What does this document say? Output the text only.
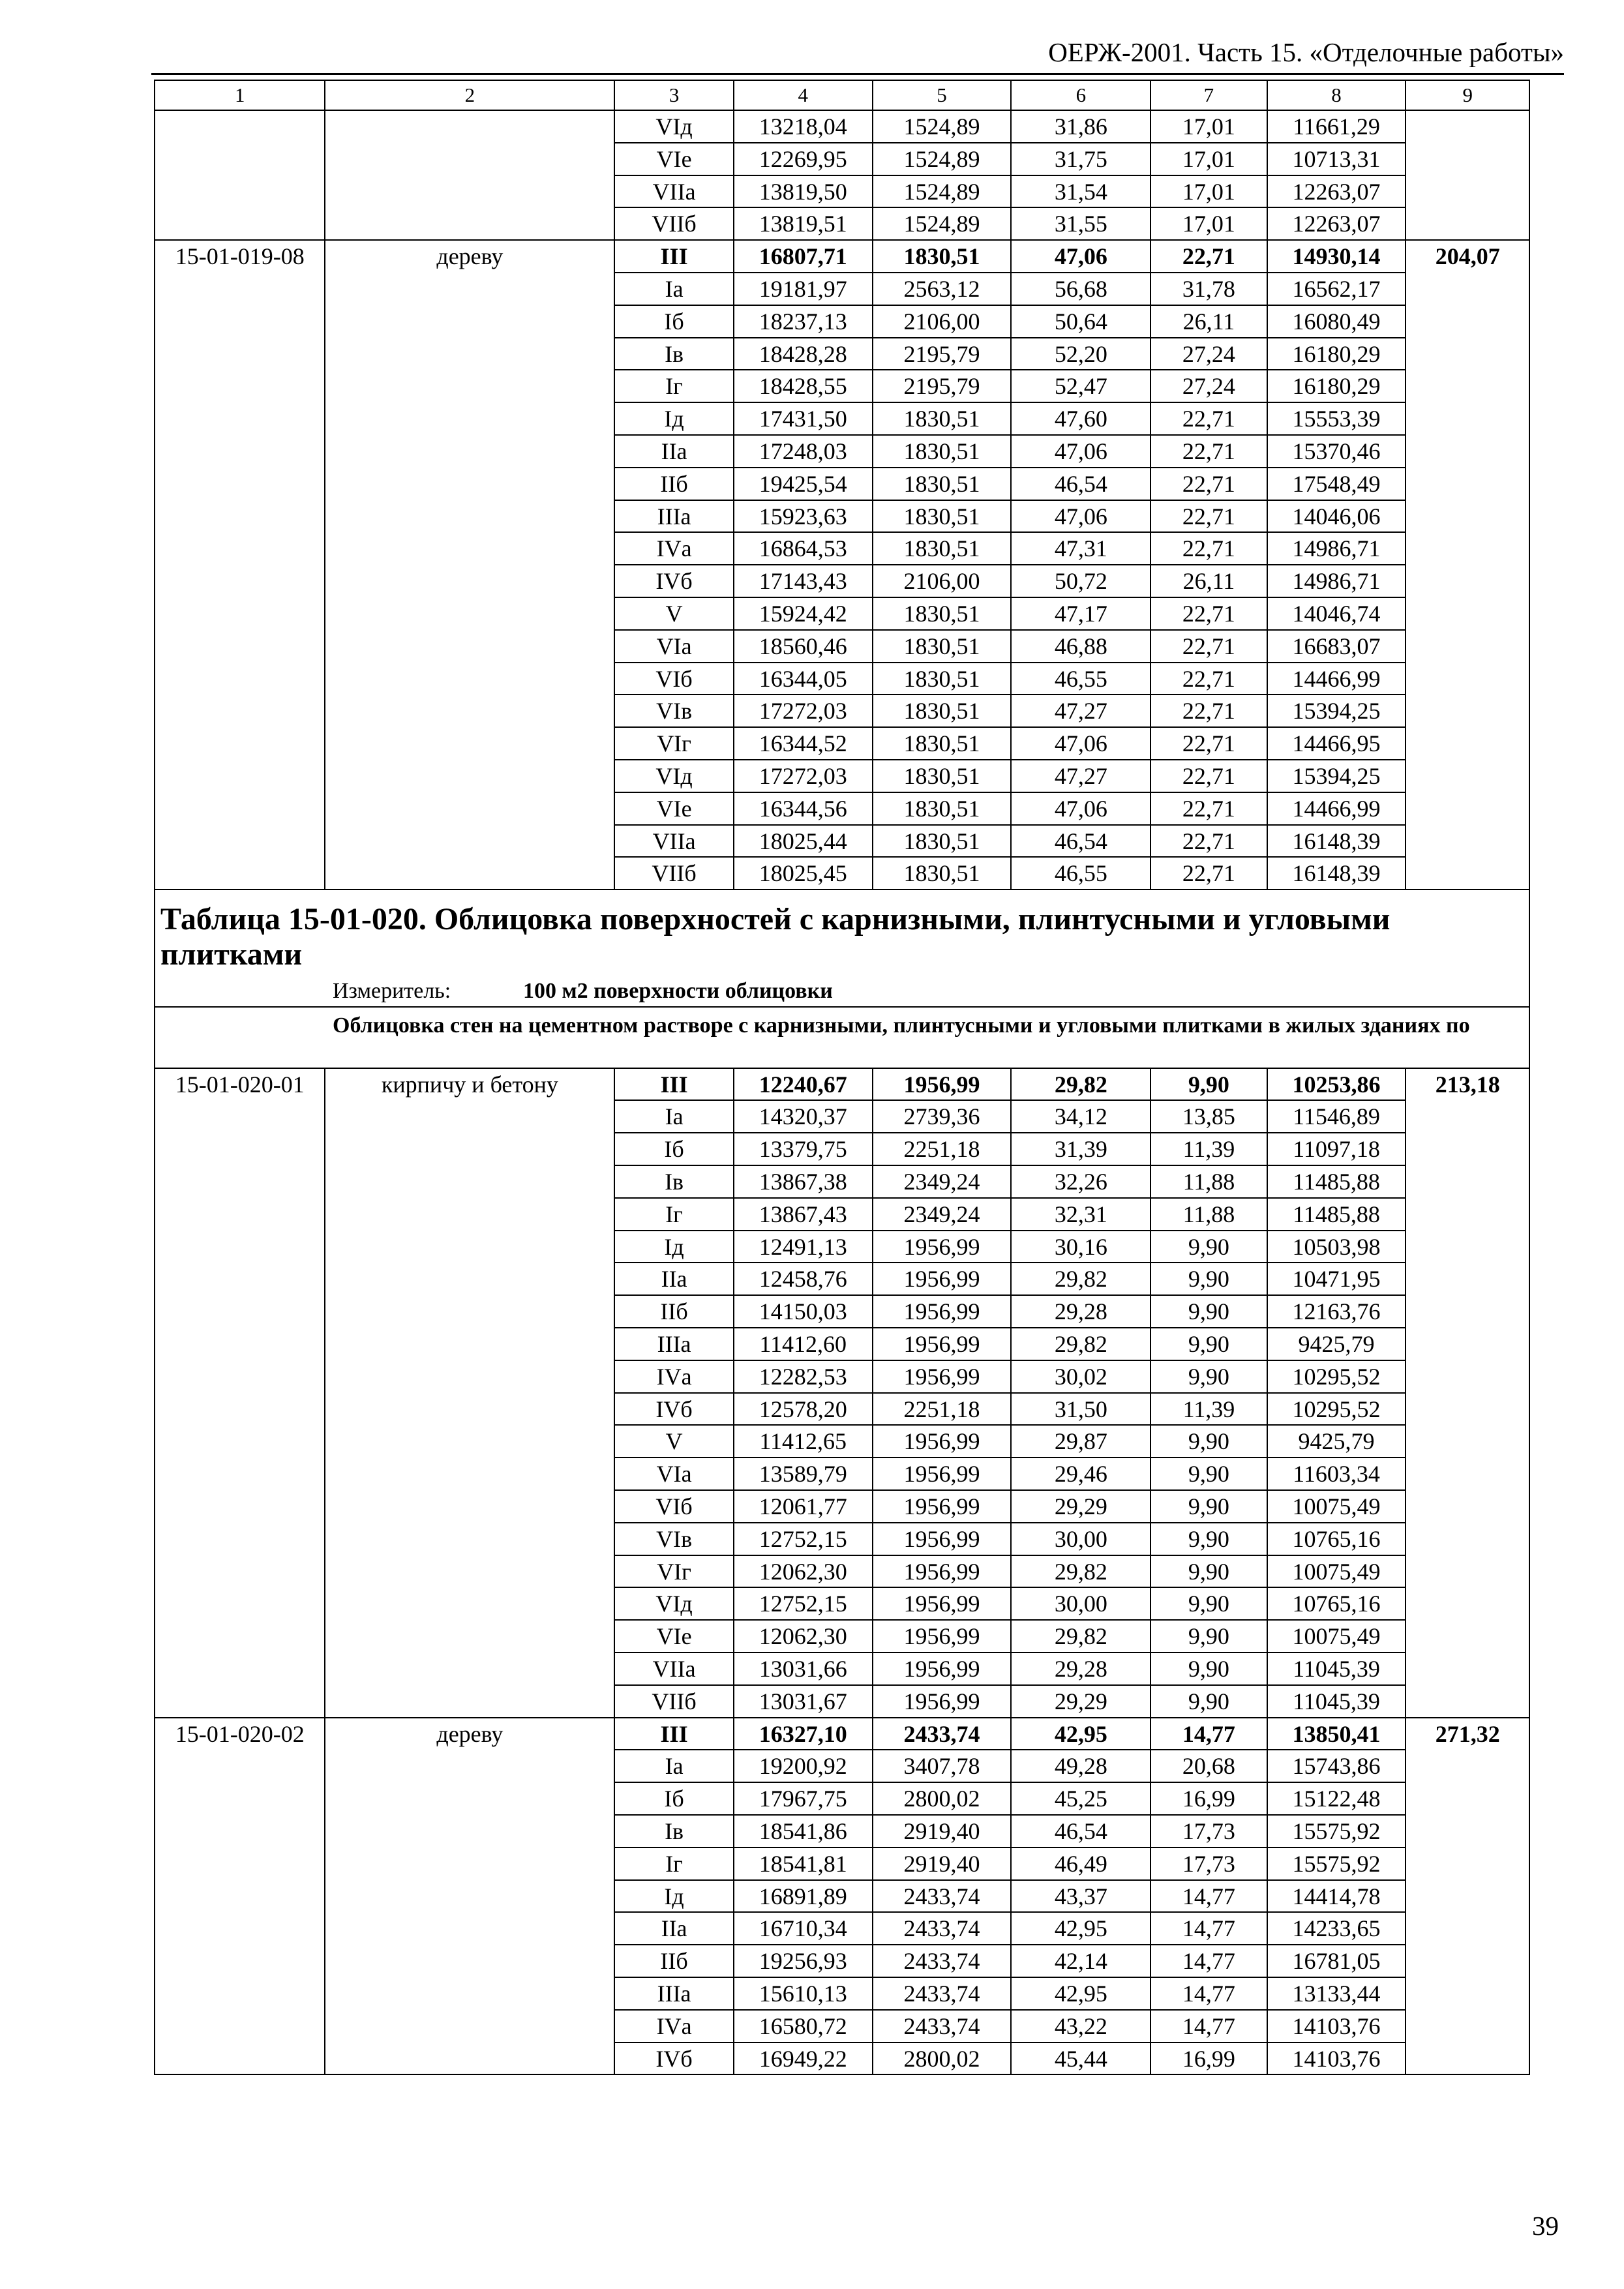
ОЕРЖ-2001. Часть 15. «Отделочные работы»
1	2	3	4	5	6	7	8	9
		VIд	13218,04	1524,89	31,86	17,01	11661,29	
		VIе	12269,95	1524,89	31,75	17,01	10713,31	
		VIIа	13819,50	1524,89	31,54	17,01	12263,07	
		VIIб	13819,51	1524,89	31,55	17,01	12263,07	
15-01-019-08	дереву	III	16807,71	1830,51	47,06	22,71	14930,14	204,07
		Iа	19181,97	2563,12	56,68	31,78	16562,17	
		Iб	18237,13	2106,00	50,64	26,11	16080,49	
		Iв	18428,28	2195,79	52,20	27,24	16180,29	
		Iг	18428,55	2195,79	52,47	27,24	16180,29	
		Iд	17431,50	1830,51	47,60	22,71	15553,39	
		IIа	17248,03	1830,51	47,06	22,71	15370,46	
		IIб	19425,54	1830,51	46,54	22,71	17548,49	
		IIIа	15923,63	1830,51	47,06	22,71	14046,06	
		IVа	16864,53	1830,51	47,31	22,71	14986,71	
		IVб	17143,43	2106,00	50,72	26,11	14986,71	
		V	15924,42	1830,51	47,17	22,71	14046,74	
		VIа	18560,46	1830,51	46,88	22,71	16683,07	
		VIб	16344,05	1830,51	46,55	22,71	14466,99	
		VIв	17272,03	1830,51	47,27	22,71	15394,25	
		VIг	16344,52	1830,51	47,06	22,71	14466,95	
		VIд	17272,03	1830,51	47,27	22,71	15394,25	
		VIе	16344,56	1830,51	47,06	22,71	14466,99	
		VIIа	18025,44	1830,51	46,54	22,71	16148,39	
		VIIб	18025,45	1830,51	46,55	22,71	16148,39	

Таблица 15-01-020. Облицовка поверхностей с карнизными, плинтусными и угловыми плитками
Измеритель: 100 м2 поверхности облицовки								

Облицовка стен на цементном растворе с карнизными, плинтусными и угловыми плитками в жилых зданиях по								

15-01-020-01	кирпичу и бетону	III	12240,67	1956,99	29,82	9,90	10253,86	213,18
		Iа	14320,37	2739,36	34,12	13,85	11546,89	
		Iб	13379,75	2251,18	31,39	11,39	11097,18	
		Iв	13867,38	2349,24	32,26	11,88	11485,88	
		Iг	13867,43	2349,24	32,31	11,88	11485,88	
		Iд	12491,13	1956,99	30,16	9,90	10503,98	
		IIа	12458,76	1956,99	29,82	9,90	10471,95	
		IIб	14150,03	1956,99	29,28	9,90	12163,76	
		IIIа	11412,60	1956,99	29,82	9,90	9425,79	
		IVа	12282,53	1956,99	30,02	9,90	10295,52	
		IVб	12578,20	2251,18	31,50	11,39	10295,52	
		V	11412,65	1956,99	29,87	9,90	9425,79	
		VIа	13589,79	1956,99	29,46	9,90	11603,34	
		VIб	12061,77	1956,99	29,29	9,90	10075,49	
		VIв	12752,15	1956,99	30,00	9,90	10765,16	
		VIг	12062,30	1956,99	29,82	9,90	10075,49	
		VIд	12752,15	1956,99	30,00	9,90	10765,16	
		VIе	12062,30	1956,99	29,82	9,90	10075,49	
		VIIа	13031,66	1956,99	29,28	9,90	11045,39	
		VIIб	13031,67	1956,99	29,29	9,90	11045,39	
15-01-020-02	дереву	III	16327,10	2433,74	42,95	14,77	13850,41	271,32
		Iа	19200,92	3407,78	49,28	20,68	15743,86	
		Iб	17967,75	2800,02	45,25	16,99	15122,48	
		Iв	18541,86	2919,40	46,54	17,73	15575,92	
		Iг	18541,81	2919,40	46,49	17,73	15575,92	
		Iд	16891,89	2433,74	43,37	14,77	14414,78	
		IIа	16710,34	2433,74	42,95	14,77	14233,65	
		IIб	19256,93	2433,74	42,14	14,77	16781,05	
		IIIа	15610,13	2433,74	42,95	14,77	13133,44	
		IVа	16580,72	2433,74	43,22	14,77	14103,76	
		IVб	16949,22	2800,02	45,44	16,99	14103,76	
39
